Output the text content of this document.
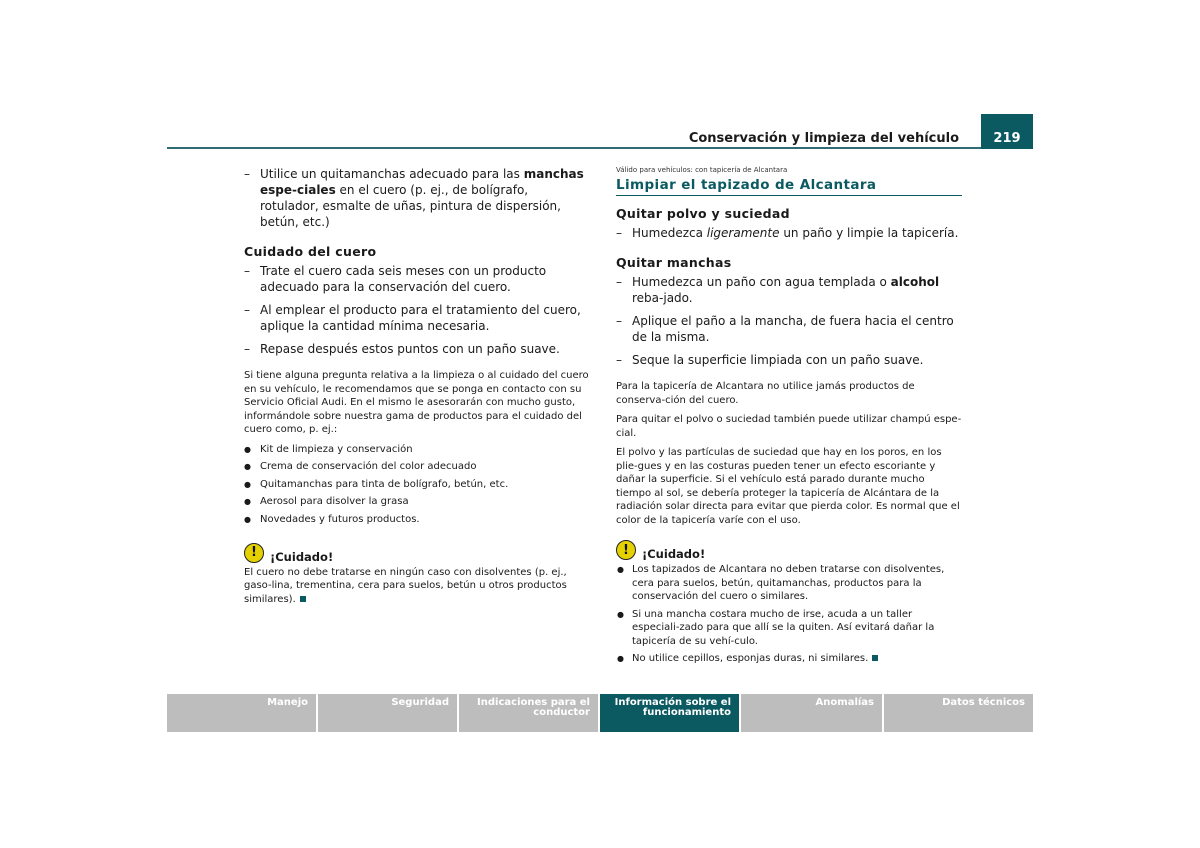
Conservación y limpieza del vehículo	219
– Utilice un quitamanchas adecuado para las manchas espe-ciales en el cuero (p. ej., de bolígrafo, rotulador, esmalte de uñas, pintura de dispersión, betún, etc.)
Cuidado del cuero
– Trate el cuero cada seis meses con un producto adecuado para la conservación del cuero.
– Al emplear el producto para el tratamiento del cuero, aplique la cantidad mínima necesaria.
– Repase después estos puntos con un paño suave.

Si tiene alguna pregunta relativa a la limpieza o al cuidado del cuero en su vehículo, le recomendamos que se ponga en contacto con su Servicio Oficial Audi. En el mismo le asesorarán con mucho gusto, informándole sobre nuestra gama de productos para el cuidado del cuero como, p. ej.:

● Kit de limpieza y conservación
● Crema de conservación del color adecuado
● Quitamanchas para tinta de bolígrafo, betún, etc.
● Aerosol para disolver la grasa
● Novedades y futuros productos.
!	¡Cuidado!

El cuero no debe tratarse en ningún caso con disolventes (p. ej., gaso-lina, trementina, cera para suelos, betún u otros productos similares).

Válido para vehículos: con tapicería de Alcantara
Limpiar el tapizado de Alcantara
Quitar polvo y suciedad
– Humedezca ligeramente un paño y limpie la tapicería.
Quitar manchas
– Humedezca un paño con agua templada o alcohol reba-jado.
– Aplique el paño a la mancha, de fuera hacia el centro de la misma.
– Seque la superficie limpiada con un paño suave.

Para la tapicería de Alcantara no utilice jamás productos de conserva-ción del cuero.

Para quitar el polvo o suciedad también puede utilizar champú espe-cial.

El polvo y las partículas de suciedad que hay en los poros, en los plie-gues y en las costuras pueden tener un efecto escoriante y dañar la superficie. Si el vehículo está parado durante mucho tiempo al sol, se debería proteger la tapicería de Alcántara de la radiación solar directa para evitar que pierda color. Es normal que el color de la tapicería varíe con el uso.

!	¡Cuidado!
● Los tapizados de Alcantara no deben tratarse con disolventes, cera para suelos, betún, quitamanchas, productos para la conservación del cuero o similares.
● Si una mancha costara mucho de irse, acuda a un taller especiali-zado para que allí se la quiten. Así evitará dañar la tapicería de su vehí-culo.
● No utilice cepillos, esponjas duras, ni similares.
Manejo	Seguridad	Indicaciones para el
conductor
Información sobre el
funcionamiento
Anomalías	Datos técnicos
